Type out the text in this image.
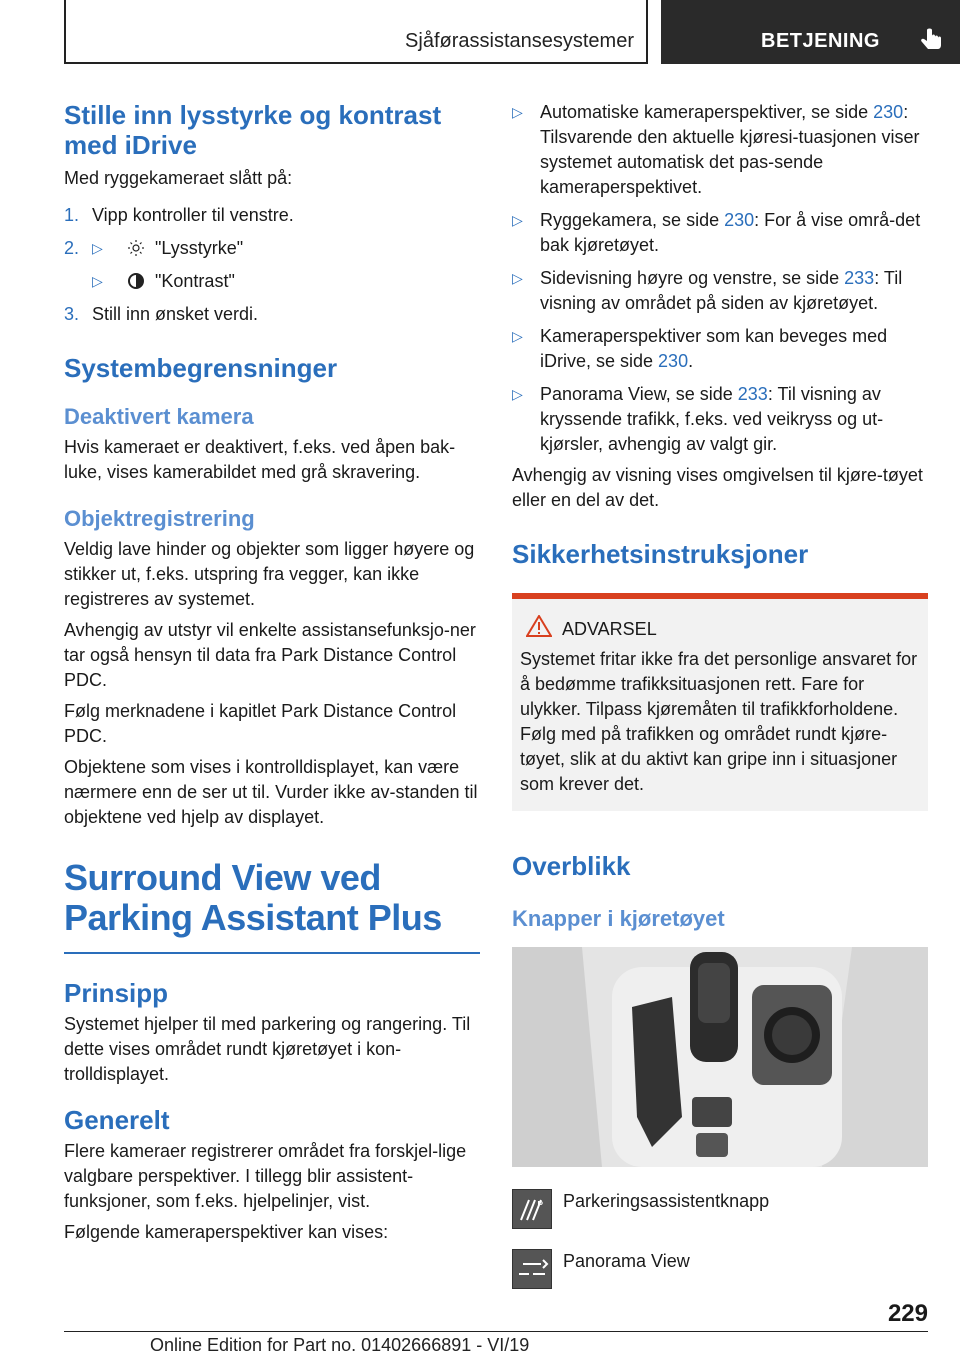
Sjåførassistansesystemer	BETJENING
Stille inn lysstyrke og kontrast med iDrive

Med ryggekameraet slått på:

1. Vipp kontroller til venstre.

2. ▷	"Lysstyrke"

▷	"Kontrast"

3. Still inn ønsket verdi.

Systembegrensninger
Deaktivert kamera

Hvis kameraet er deaktivert, f.eks. ved åpen bak-luke, vises kamerabildet med grå skravering.

Objektregistrering

Veldig lave hinder og objekter som ligger høyere og stikker ut, f.eks. utspring fra vegger, kan ikke registreres av systemet.

Avhengig av utstyr vil enkelte assistansefunksjo-ner tar også hensyn til data fra Park Distance Control PDC.

Følg merknadene i kapitlet Park Distance Control PDC.

Objektene som vises i kontrolldisplayet, kan være nærmere enn de ser ut til. Vurder ikke av-standen til objektene ved hjelp av displayet.

Surround View ved Parking Assistant Plus
Prinsipp

Systemet hjelper til med parkering og rangering. Til dette vises området rundt kjøretøyet i kon-trolldisplayet.

Generelt

Flere kameraer registrerer området fra forskjel-lige valgbare perspektiver. I tillegg blir assistent-funksjoner, som f.eks. hjelpelinjer, vist.

Følgende kameraperspektiver kan vises:

▷ Automatiske kameraperspektiver, se side 230: Tilsvarende den aktuelle kjøresi-tuasjonen viser systemet automatisk det pas-sende kameraperspektivet.
▷ Ryggekamera, se side 230: For å vise områ-det bak kjøretøyet.
▷ Sidevisning høyre og venstre, se side 233: Til visning av området på siden av kjøretøyet.
▷ Kameraperspektiver som kan beveges med iDrive, se side 230.
▷ Panorama View, se side 233: Til visning av kryssende trafikk, f.eks. ved veikryss og ut-kjørsler, avhengig av valgt gir.

Avhengig av visning vises omgivelsen til kjøre-tøyet eller en del av det.

Sikkerhetsinstruksjoner
ADVARSEL

Systemet fritar ikke fra det personlige ansvaret for å bedømme trafikksituasjonen rett. Fare for ulykker. Tilpass kjøremåten til trafikkforholdene. Følg med på trafikken og området rundt kjøre-tøyet, slik at du aktivt kan gripe inn i situasjoner som krever det.

Overblikk
Knapper i kjøretøyet
P Parkeringsassistentknapp

Panorama View

229
Online Edition for Part no. 01402666891 - VI/19
